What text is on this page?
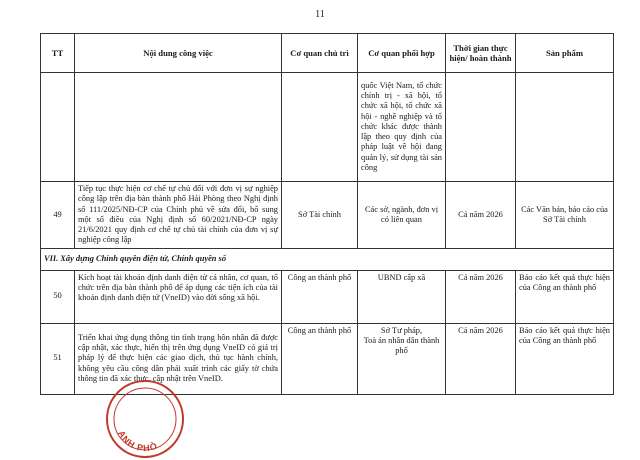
11
TT	Nội dung công việc	Cơ quan chủ trì	Cơ quan phối hợp	Thời gian thực hiện/ hoàn thành	Sản phẩm
			quốc Việt Nam, tổ chức chính trị - xã hội, tổ chức xã hội, tổ chức xã hội - nghề nghiệp và tổ chức khác được thành lập theo quy định của pháp luật về hội đang quản lý, sử dụng tài sản công		
49	Tiếp tục thực hiện cơ chế tự chủ đối với đơn vị sự nghiệp công lập trên địa bàn thành phố Hải Phòng theo Nghị định số 111/2025/NĐ-CP của Chính phủ về sửa đổi, bổ sung một số điều của Nghị định số 60/2021/NĐ-CP ngày 21/6/2021 quy định cơ chế tự chủ tài chính của đơn vị sự nghiệp công lập	Sở Tài chính	Các sở, ngành, đơn vị có liên quan	Cả năm 2026	Các Văn bản, báo cáo của Sở Tài chính
VII. Xây dựng Chính quyền điện tử, Chính quyền số					
50	Kích hoạt tài khoản định danh điện tử cá nhân, cơ quan, tổ chức trên địa bàn thành phố để áp dụng các tiện ích của tài khoản định danh điện tử (VneID) vào đời sống xã hội.	Công an thành phố	UBND cấp xã	Cả năm 2026	Báo cáo kết quả thực hiện của Công an thành phố
51	Triển khai ứng dụng thông tin tình trạng hôn nhân đã được cập nhật, xác thực, hiển thị trên ứng dụng VneID có giá trị pháp lý để thực hiện các giao dịch, thủ tục hành chính, không yêu cầu công dân phải xuất trình các giấy tờ chứa thông tin đã xác thực, cập nhật trên VneID.	Công an thành phố	Sở Tư pháp,
Toà án nhân dân thành phố	Cả năm 2026	Báo cáo kết quả thực hiện của Công an thành phố
ANH PHÒ
